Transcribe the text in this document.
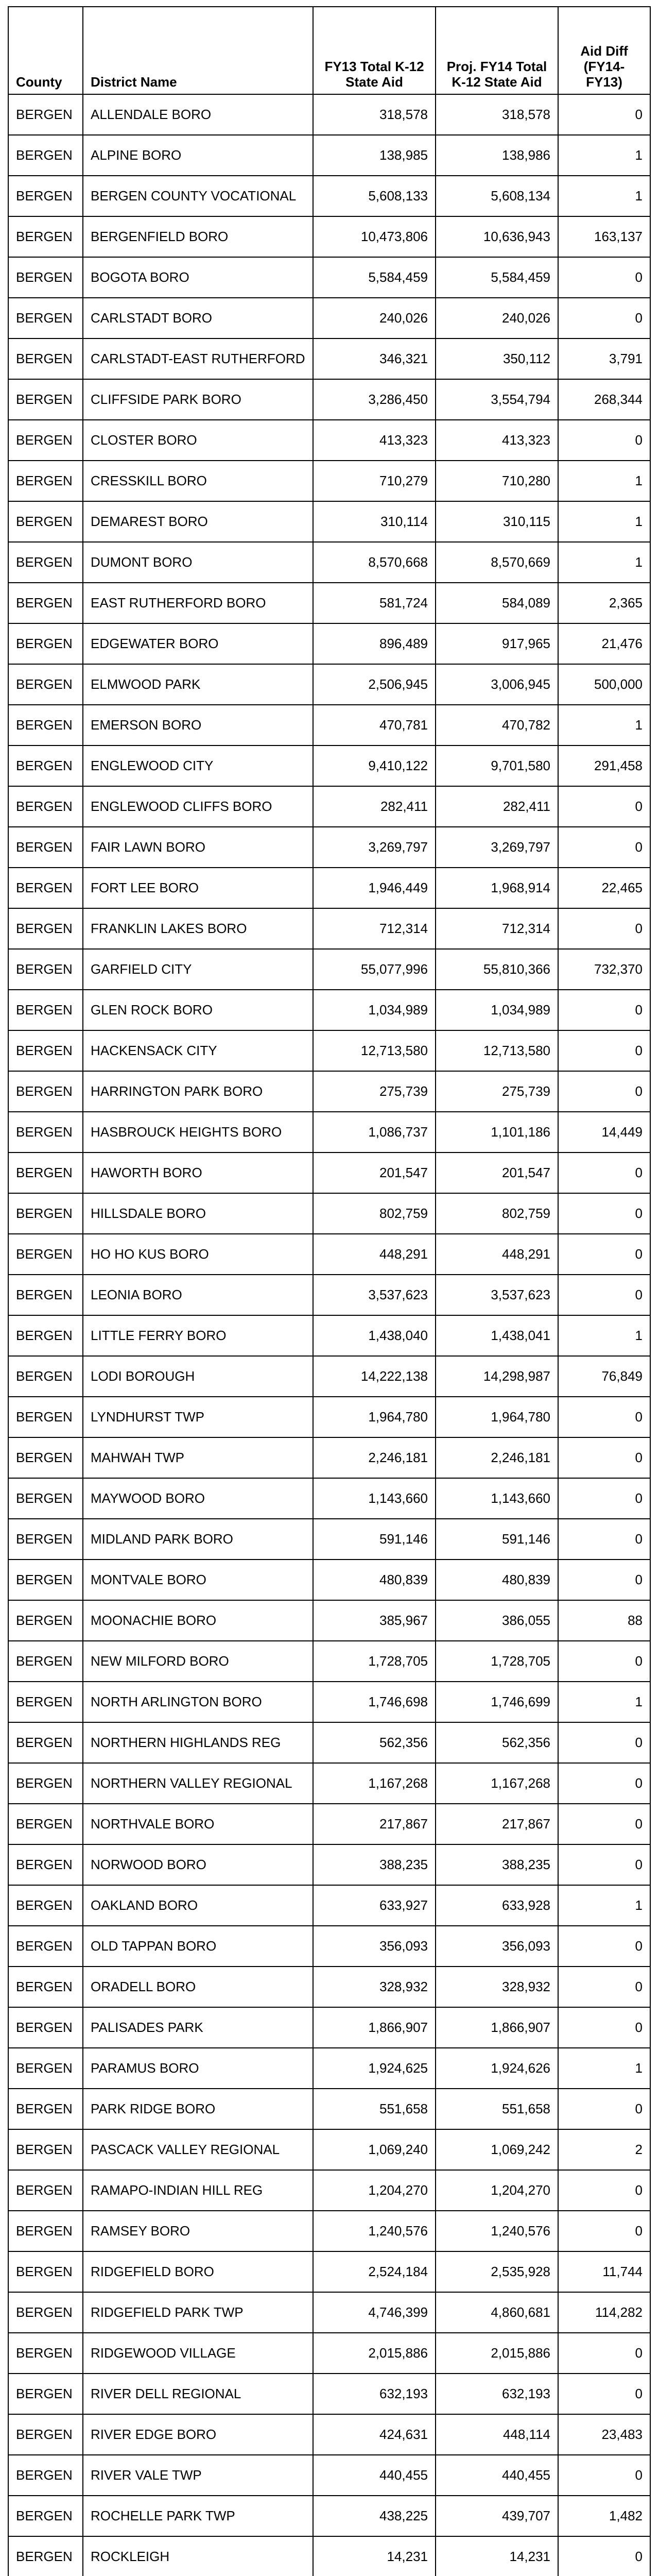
County	District Name	FY13 Total K-12 State Aid	Proj. FY14 Total K-12 State Aid	Aid Diff (FY14-FY13)
BERGEN	ALLENDALE BORO	318,578	318,578	0
BERGEN	ALPINE BORO	138,985	138,986	1
BERGEN	BERGEN COUNTY VOCATIONAL	5,608,133	5,608,134	1
BERGEN	BERGENFIELD BORO	10,473,806	10,636,943	163,137
BERGEN	BOGOTA BORO	5,584,459	5,584,459	0
BERGEN	CARLSTADT BORO	240,026	240,026	0
BERGEN	CARLSTADT-EAST RUTHERFORD	346,321	350,112	3,791
BERGEN	CLIFFSIDE PARK BORO	3,286,450	3,554,794	268,344
BERGEN	CLOSTER BORO	413,323	413,323	0
BERGEN	CRESSKILL BORO	710,279	710,280	1
BERGEN	DEMAREST BORO	310,114	310,115	1
BERGEN	DUMONT BORO	8,570,668	8,570,669	1
BERGEN	EAST RUTHERFORD BORO	581,724	584,089	2,365
BERGEN	EDGEWATER BORO	896,489	917,965	21,476
BERGEN	ELMWOOD PARK	2,506,945	3,006,945	500,000
BERGEN	EMERSON BORO	470,781	470,782	1
BERGEN	ENGLEWOOD CITY	9,410,122	9,701,580	291,458
BERGEN	ENGLEWOOD CLIFFS BORO	282,411	282,411	0
BERGEN	FAIR LAWN BORO	3,269,797	3,269,797	0
BERGEN	FORT LEE BORO	1,946,449	1,968,914	22,465
BERGEN	FRANKLIN LAKES BORO	712,314	712,314	0
BERGEN	GARFIELD CITY	55,077,996	55,810,366	732,370
BERGEN	GLEN ROCK BORO	1,034,989	1,034,989	0
BERGEN	HACKENSACK CITY	12,713,580	12,713,580	0
BERGEN	HARRINGTON PARK BORO	275,739	275,739	0
BERGEN	HASBROUCK HEIGHTS BORO	1,086,737	1,101,186	14,449
BERGEN	HAWORTH BORO	201,547	201,547	0
BERGEN	HILLSDALE BORO	802,759	802,759	0
BERGEN	HO HO KUS BORO	448,291	448,291	0
BERGEN	LEONIA BORO	3,537,623	3,537,623	0
BERGEN	LITTLE FERRY BORO	1,438,040	1,438,041	1
BERGEN	LODI BOROUGH	14,222,138	14,298,987	76,849
BERGEN	LYNDHURST TWP	1,964,780	1,964,780	0
BERGEN	MAHWAH TWP	2,246,181	2,246,181	0
BERGEN	MAYWOOD BORO	1,143,660	1,143,660	0
BERGEN	MIDLAND PARK BORO	591,146	591,146	0
BERGEN	MONTVALE BORO	480,839	480,839	0
BERGEN	MOONACHIE BORO	385,967	386,055	88
BERGEN	NEW MILFORD BORO	1,728,705	1,728,705	0
BERGEN	NORTH ARLINGTON BORO	1,746,698	1,746,699	1
BERGEN	NORTHERN HIGHLANDS REG	562,356	562,356	0
BERGEN	NORTHERN VALLEY REGIONAL	1,167,268	1,167,268	0
BERGEN	NORTHVALE BORO	217,867	217,867	0
BERGEN	NORWOOD BORO	388,235	388,235	0
BERGEN	OAKLAND BORO	633,927	633,928	1
BERGEN	OLD TAPPAN BORO	356,093	356,093	0
BERGEN	ORADELL BORO	328,932	328,932	0
BERGEN	PALISADES PARK	1,866,907	1,866,907	0
BERGEN	PARAMUS BORO	1,924,625	1,924,626	1
BERGEN	PARK RIDGE BORO	551,658	551,658	0
BERGEN	PASCACK VALLEY REGIONAL	1,069,240	1,069,242	2
BERGEN	RAMAPO-INDIAN HILL REG	1,204,270	1,204,270	0
BERGEN	RAMSEY BORO	1,240,576	1,240,576	0
BERGEN	RIDGEFIELD BORO	2,524,184	2,535,928	11,744
BERGEN	RIDGEFIELD PARK TWP	4,746,399	4,860,681	114,282
BERGEN	RIDGEWOOD VILLAGE	2,015,886	2,015,886	0
BERGEN	RIVER DELL REGIONAL	632,193	632,193	0
BERGEN	RIVER EDGE BORO	424,631	448,114	23,483
BERGEN	RIVER VALE TWP	440,455	440,455	0
BERGEN	ROCHELLE PARK TWP	438,225	439,707	1,482
BERGEN	ROCKLEIGH	14,231	14,231	0
